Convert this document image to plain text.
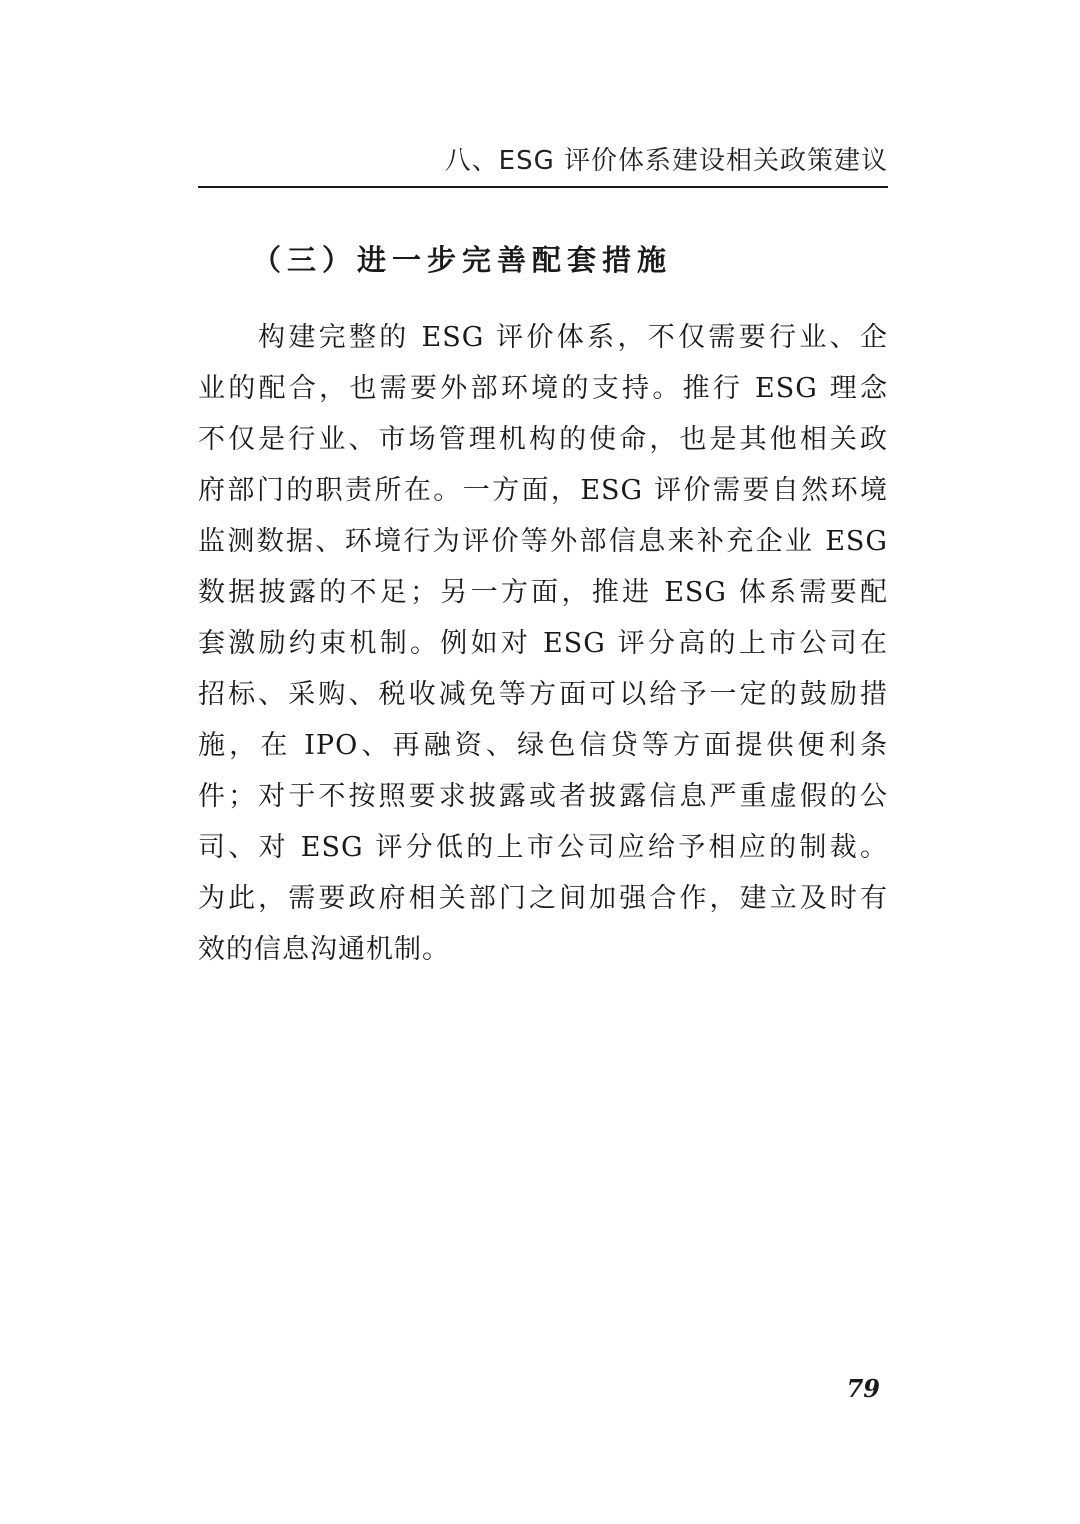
八、ESG 评价体系建设相关政策建议
（三）进一步完善配套措施
构建完整的 ESG 评价体系，不仅需要行业、企
业的配合，也需要外部环境的支持。推行 ESG 理念
不仅是行业、市场管理机构的使命，也是其他相关政
府部门的职责所在。一方面，ESG 评价需要自然环境
监测数据、环境行为评价等外部信息来补充企业 ESG
数据披露的不足；另一方面，推进 ESG 体系需要配
套激励约束机制。例如对 ESG 评分高的上市公司在
招标、采购、税收减免等方面可以给予一定的鼓励措
施，在 IPO、再融资、绿色信贷等方面提供便利条
件；对于不按照要求披露或者披露信息严重虚假的公
司、对 ESG 评分低的上市公司应给予相应的制裁。
为此，需要政府相关部门之间加强合作，建立及时有
效的信息沟通机制。
79
